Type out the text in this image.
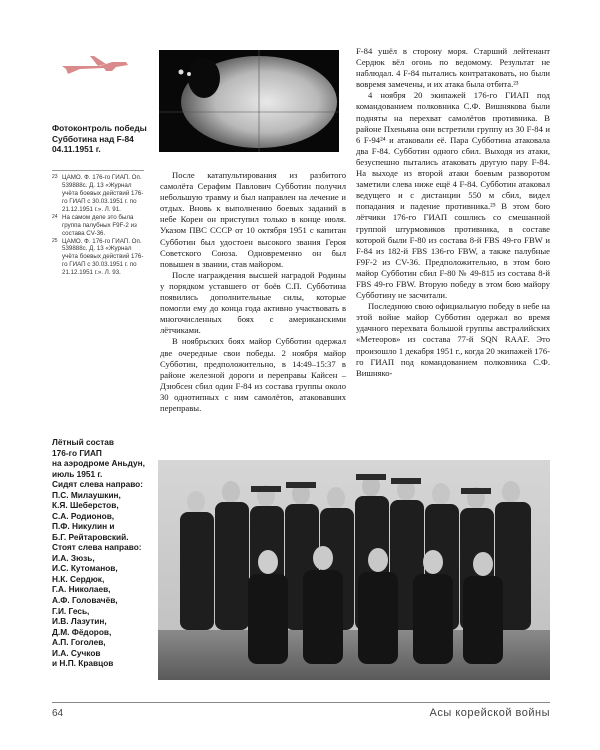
Фотоконтроль победы
Субботина над F-84
04.11.1951 г.
23 ЦАМО. Ф. 176-го ГИАП. Оп. 539888с. Д. 13 «Журнал учёта боевых действий 176-го ГИАП с 30.03.1951 г. по 21.12.1951 г.». Л. 91.
24 На самом деле это была группа палубных F9F-2 из состава CV-36.
25 ЦАМО. Ф. 176-го ГИАП. Оп. 539888с. Д. 13 «Журнал учёта боевых действий 176-го ГИАП с 30.03.1951 г. по 21.12.1951 г.». Л. 93.

После катапультирования из разбитого самолёта Серафим Павлович Субботин получил небольшую травму и был направлен на лечение и отдых. Вновь к выполнению боевых заданий в небе Кореи он приступил только в конце июля. Указом ПВС СССР от 10 октября 1951 с капитан Субботин был удостоен высокого звания Героя Советского Союза. Одновременно он был повышен в звании, став майором.

После награждения высшей наградой Родины у порядком уставшего от боёв С.П. Субботина появились дополнительные силы, которые помогли ему до конца года активно участвовать в многочисленных боях с американскими лётчиками.

В ноябрьских боях майор Субботин одержал две очередные свои победы. 2 ноября майор Субботин, предположительно, в 14:49–15:37 в районе железной дороги и переправы Кайсен – Дзюбсен сбил один F-84 из состава группы около 30 однотипных с ним самолётов, атаковавших переправы.

F-84 ушёл в сторону моря. Старший лейтенант Сердюк вёл огонь по ведомому. Результат не наблюдал. 4 F-84 пытались контратаковать, но были вовремя замечены, и их атака была отбита.²³

4 ноября 20 экипажей 176-го ГИАП под командованием полковника С.Ф. Вишнякова были подняты на перехват самолётов противника. В районе Пхеньяна они встретили группу из 30 F-84 и 6 F-94²⁴ и атаковали её. Пара Субботина атаковала два F-84. Субботин одного сбил. Выходя из атаки, безуспешно пытались атаковать другую пару F-84. На выходе из второй атаки боевым разворотом заметили слева ниже ещё 4 F-84. Субботин атаковал ведущего и с дистанции 550 м сбил, видел попадания и падение противника.²⁵ В этом бою лётчики 176-го ГИАП сошлись со смешанной группой штурмовиков противника, в составе которой были F-80 из состава 8-й FBS 49-го FBW и F-84 из 182-й FBS 136-го FBW, а также палубные F9F-2 из CV-36. Предположительно, в этом бою майор Субботин сбил F-80 № 49-815 из состава 8-й FBS 49-го FBW. Вторую победу в этом бою майору Субботину не засчитали.

Последнюю свою официальную победу в небе на этой войне майор Субботин одержал во время удачного перехвата большой группы австралийских «Метеоров» из состава 77-й SQN RAAF. Это произошло 1 декабря 1951 г., когда 20 экипажей 176-го ГИАП под командованием полковника С.Ф. Вишняко-

Лётный состав
176-го ГИАП
на аэродроме Аньдун,
июль 1951 г.
Сидят слева направо:
П.С. Милаушкин,
К.Я. Шеберстов,
С.А. Родионов,
П.Ф. Никулин и
Б.Г. Рейтаровский.
Стоят слева направо:
И.А. Зюзь,
И.С. Кутоманов,
Н.К. Сердюк,
Г.А. Николаев,
А.Ф. Головачёв,
Г.И. Гесь,
И.В. Лазутин,
Д.М. Фёдоров,
А.П. Гоголев,
И.А. Сучков
и Н.П. Кравцов
64	Асы корейской войны
